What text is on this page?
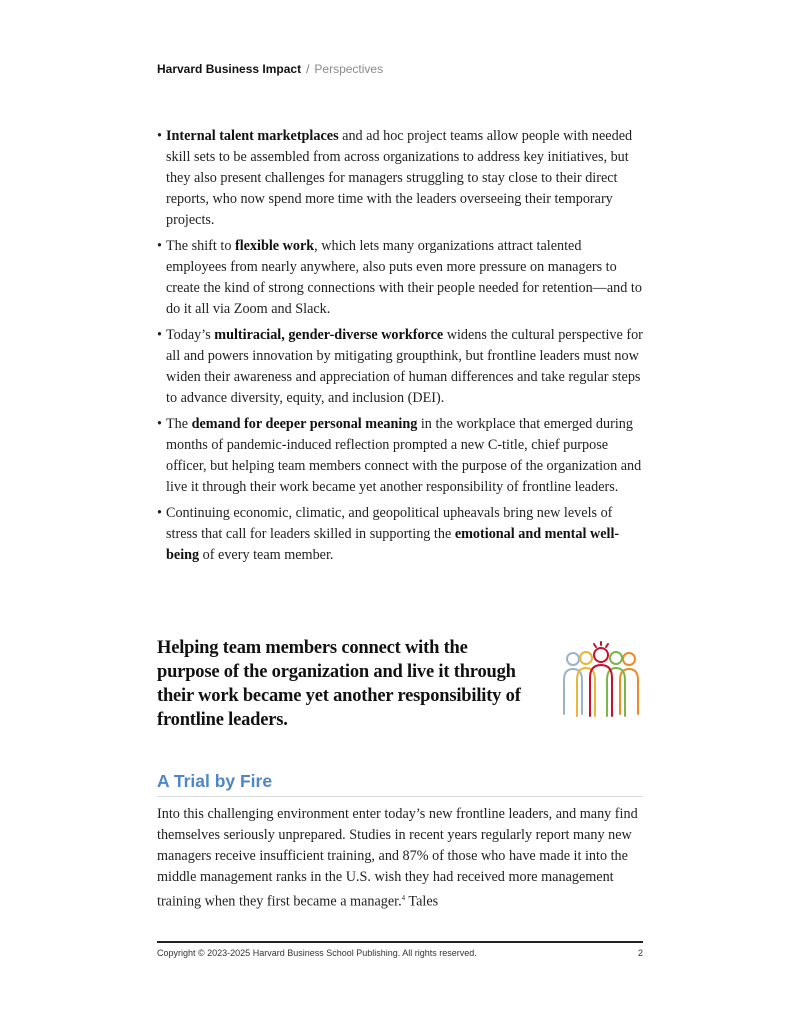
Harvard Business Impact / Perspectives
• Internal talent marketplaces and ad hoc project teams allow people with needed skill sets to be assembled from across organizations to address key initiatives, but they also present challenges for managers struggling to stay close to their direct reports, who now spend more time with the leaders overseeing their temporary projects.
• The shift to flexible work, which lets many organizations attract talented employees from nearly anywhere, also puts even more pressure on managers to create the kind of strong connections with their people needed for retention—and to do it all via Zoom and Slack.
• Today’s multiracial, gender-diverse workforce widens the cultural perspective for all and powers innovation by mitigating groupthink, but frontline leaders must now widen their awareness and appreciation of human differences and take regular steps to advance diversity, equity, and inclusion (DEI).
• The demand for deeper personal meaning in the workplace that emerged during months of pandemic-induced reflection prompted a new C-title, chief purpose officer, but helping team members connect with the purpose of the organization and live it through their work became yet another responsibility of frontline leaders.
• Continuing economic, climatic, and geopolitical upheavals bring new levels of stress that call for leaders skilled in supporting the emotional and mental well-being of every team member.
Helping team members connect with the purpose of the organization and live it through their work became yet another responsibility of frontline leaders.
A Trial by Fire

Into this challenging environment enter today’s new frontline leaders, and many find themselves seriously unprepared. Studies in recent years regularly report many new managers receive insufficient training, and 87% of those who have made it into the middle management ranks in the U.S. wish they had received more management training when they first became a manager.$^4$ Tales

Copyright © 2023-2025 Harvard Business School Publishing. All rights reserved.	2
